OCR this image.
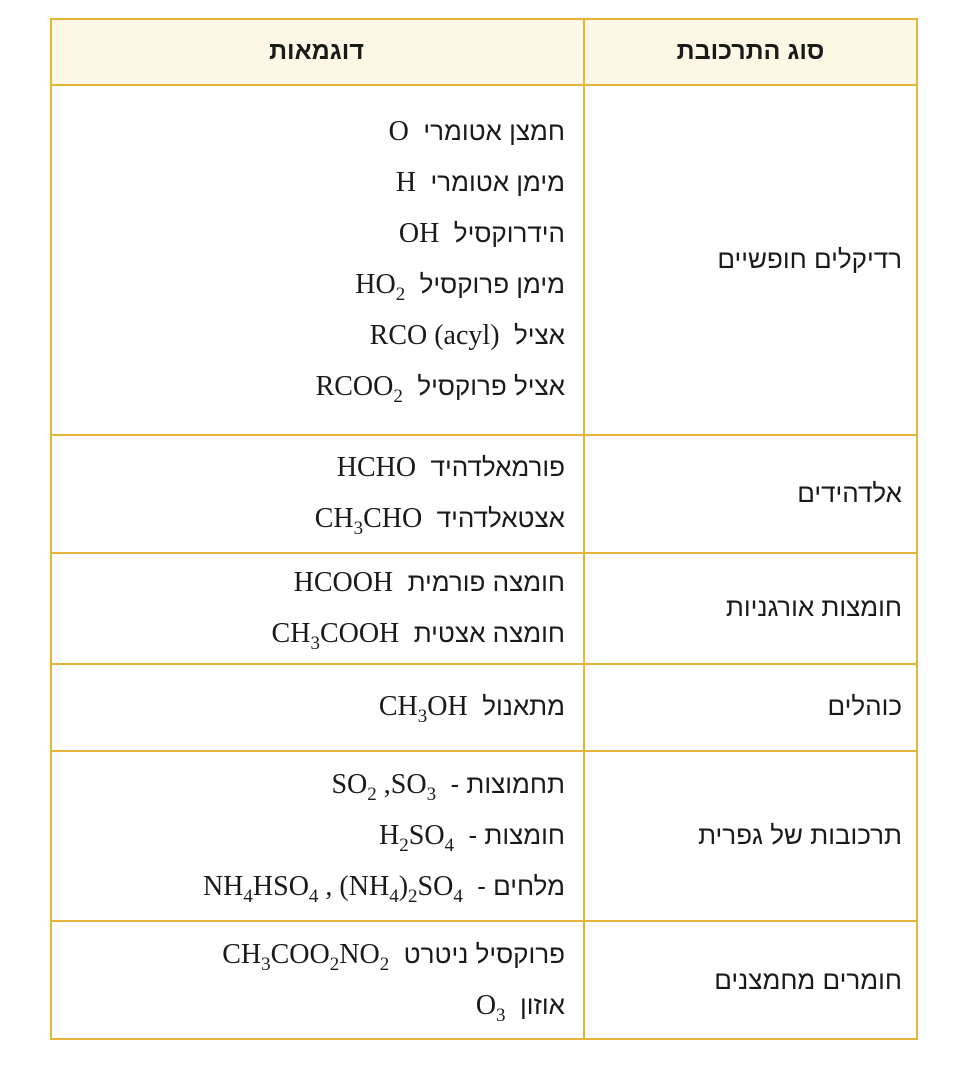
סוג התרכובת
דוגמאות
רדיקלים חופשיים
חמצן אטומרי  O
מימן אטומרי  H
הידרוקסיל  OH
מימן פרוקסיל  $HO_2$
אציל  RCO (acyl)
אציל פרוקסיל  $RCOO_2$
אלדהידים
פורמאלדהיד  HCHO
אצטאלדהיד  $CH_3CHO$
חומצות אורגניות
חומצה פורמית  HCOOH
חומצה אצטית  $CH_3COOH$
כוהלים
מתאנול  $CH_3OH$
תרכובות של גפרית
תחמוצות -  $SO_2$ $,SO_3$
חומצות -  $H_2SO_4$
מלחים -  $NH_4HSO_4$ , $(NH_4)_2SO_4$
חומרים מחמצנים
פרוקסיל ניטרט  $CH_3COO_2NO_2$
אוזון  $O_3$
